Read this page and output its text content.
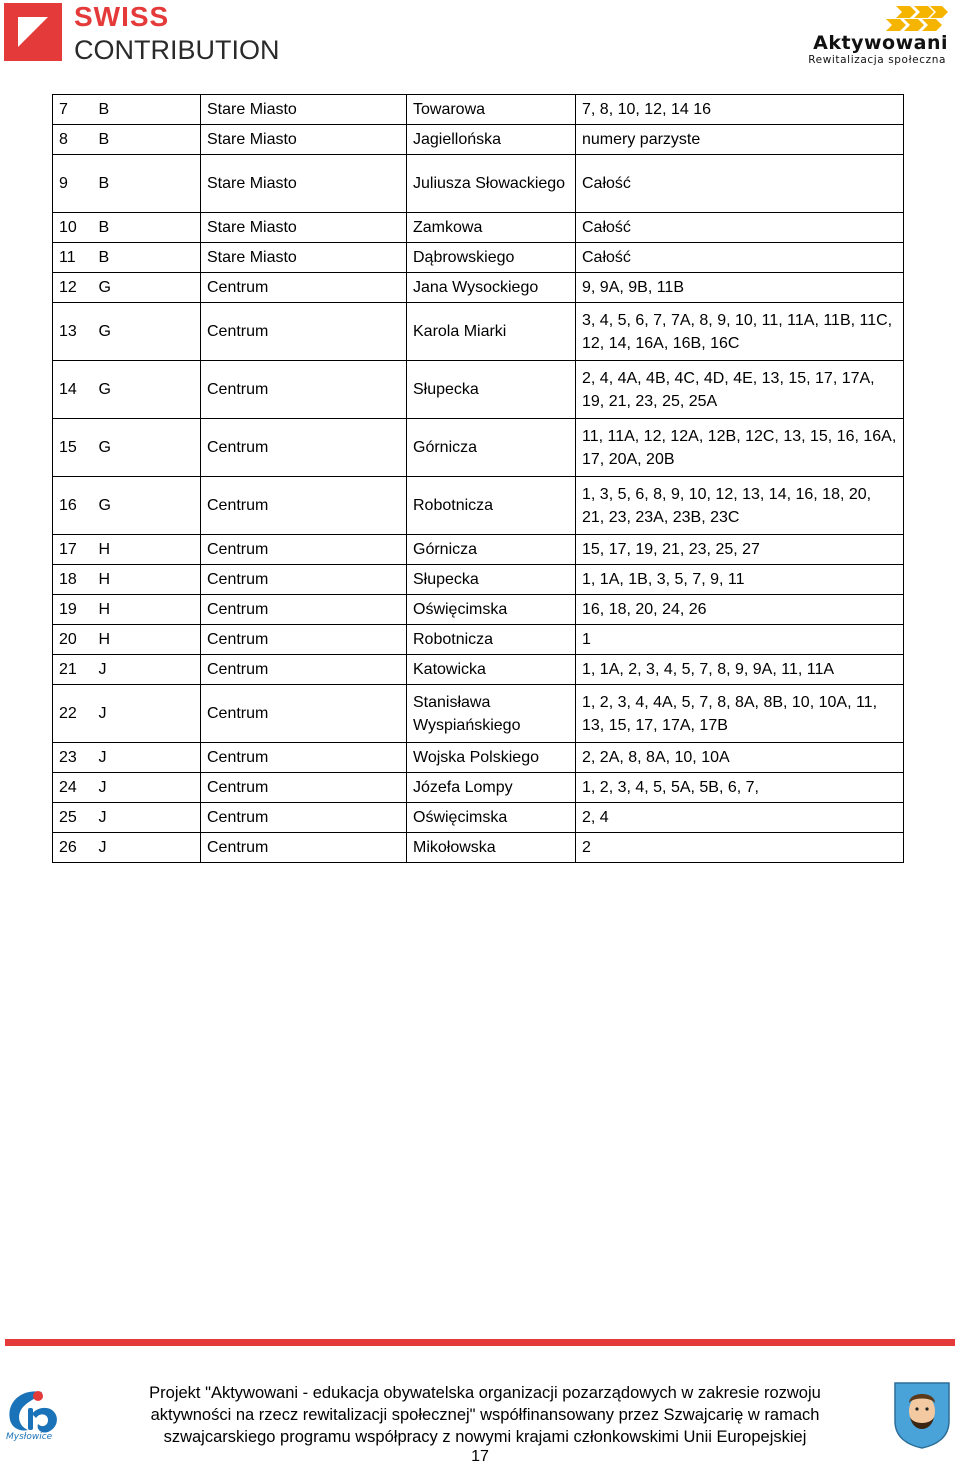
SWISS
CONTRIBUTION	Aktywowani
Rewitalizacja społeczna
7	B	Stare Miasto	Towarowa	7, 8, 10, 12, 14 16
8	B	Stare Miasto	Jagiellońska	numery parzyste
9	B	Stare Miasto	Juliusza Słowackiego	Całość
10	B	Stare Miasto	Zamkowa	Całość
11	B	Stare Miasto	Dąbrowskiego	Całość
12	G	Centrum	Jana Wysockiego	9, 9A, 9B, 11B
13	G	Centrum	Karola Miarki	3, 4, 5, 6, 7, 7A, 8, 9, 10, 11, 11A, 11B, 11C, 12, 14, 16A, 16B, 16C
14	G	Centrum	Słupecka	2, 4, 4A, 4B, 4C, 4D, 4E, 13, 15, 17, 17A, 19, 21, 23, 25, 25A
15	G	Centrum	Górnicza	11, 11A, 12, 12A, 12B, 12C, 13, 15, 16, 16A, 17, 20A, 20B
16	G	Centrum	Robotnicza	1, 3, 5, 6, 8, 9, 10, 12, 13, 14, 16, 18, 20, 21, 23, 23A, 23B, 23C
17	H	Centrum	Górnicza	15, 17, 19, 21, 23, 25, 27
18	H	Centrum	Słupecka	1, 1A, 1B, 3, 5, 7, 9, 11
19	H	Centrum	Oświęcimska	16, 18, 20, 24, 26
20	H	Centrum	Robotnicza	1
21	J	Centrum	Katowicka	1, 1A, 2, 3, 4, 5, 7, 8, 9, 9A, 11, 11A
22	J	Centrum	Stanisława Wyspiańskiego	1, 2, 3, 4, 4A, 5, 7, 8, 8A, 8B, 10, 10A, 11, 13, 15, 17, 17A, 17B
23	J	Centrum	Wojska Polskiego	2, 2A, 8, 8A, 10, 10A
24	J	Centrum	Józefa Lompy	1, 2, 3, 4, 5, 5A, 5B, 6, 7,
25	J	Centrum	Oświęcimska	2, 4
26	J	Centrum	Mikołowska	2
Mysłowice
Projekt "Aktywowani - edukacja obywatelska organizacji pozarządowych w zakresie rozwoju
aktywności na rzecz rewitalizacji społecznej" współfinansowany przez Szwajcarię w ramach
szwajcarskiego programu współpracy z nowymi krajami członkowskimi Unii Europejskiej
17
